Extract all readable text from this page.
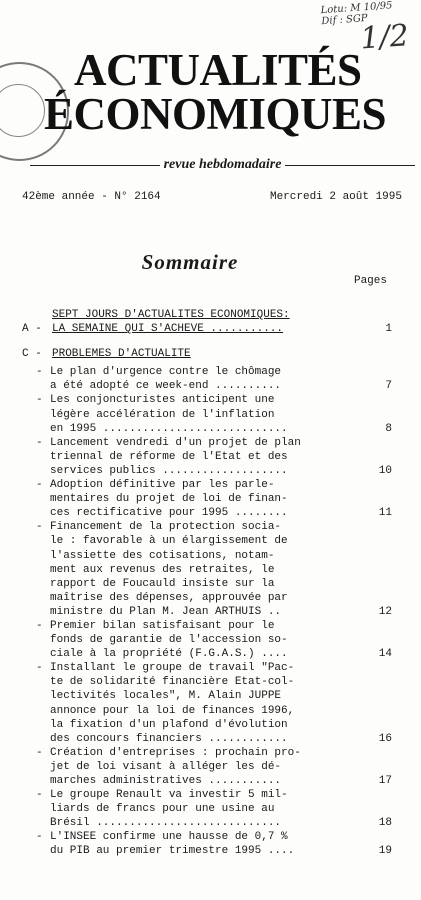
Lotu: M 10/95
Dif : SGP
1/2
ACTUALITÉS
ÉCONOMIQUES
revue hebdomadaire
42ème année - N° 2164	Mercredi 2 août 1995
Sommaire
Pages
A -
SEPT JOURS D'ACTUALITES ECONOMIQUES:
LA SEMAINE QUI S'ACHEVE ...........	1
C - PROBLEMES D'ACTUALITE
- Le plan d'urgence contre le chômage
a été adopté ce week-end ..........	7
- Les conjoncturistes anticipent une
légère accélération de l'inflation
en 1995 ............................	8
- Lancement vendredi d'un projet de plan
triennal de réforme de l'Etat et des
services publics ...................	10
- Adoption définitive par les parle-
mentaires du projet de loi de finan-
ces rectificative pour 1995 ........	11
- Financement de la protection socia-
le : favorable à un élargissement de
l'assiette des cotisations, notam-
ment aux revenus des retraites, le
rapport de Foucauld insiste sur la
maîtrise des dépenses, approuvée par
ministre du Plan M. Jean ARTHUIS ..	12
- Premier bilan satisfaisant pour le
fonds de garantie de l'accession so-
ciale à la propriété (F.G.A.S.) ....	14
- Installant le groupe de travail "Pac-
te de solidarité financière Etat-col-
lectivités locales", M. Alain JUPPE
annonce pour la loi de finances 1996,
la fixation d'un plafond d'évolution
des concours financiers ............	16
- Création d'entreprises : prochain pro-
jet de loi visant à alléger les dé-
marches administratives ...........	17
- Le groupe Renault va investir 5 mil-
liards de francs pour une usine au
Brésil ............................	18
- L'INSEE confirme une hausse de 0,7 %
du PIB au premier trimestre 1995 ....	19
